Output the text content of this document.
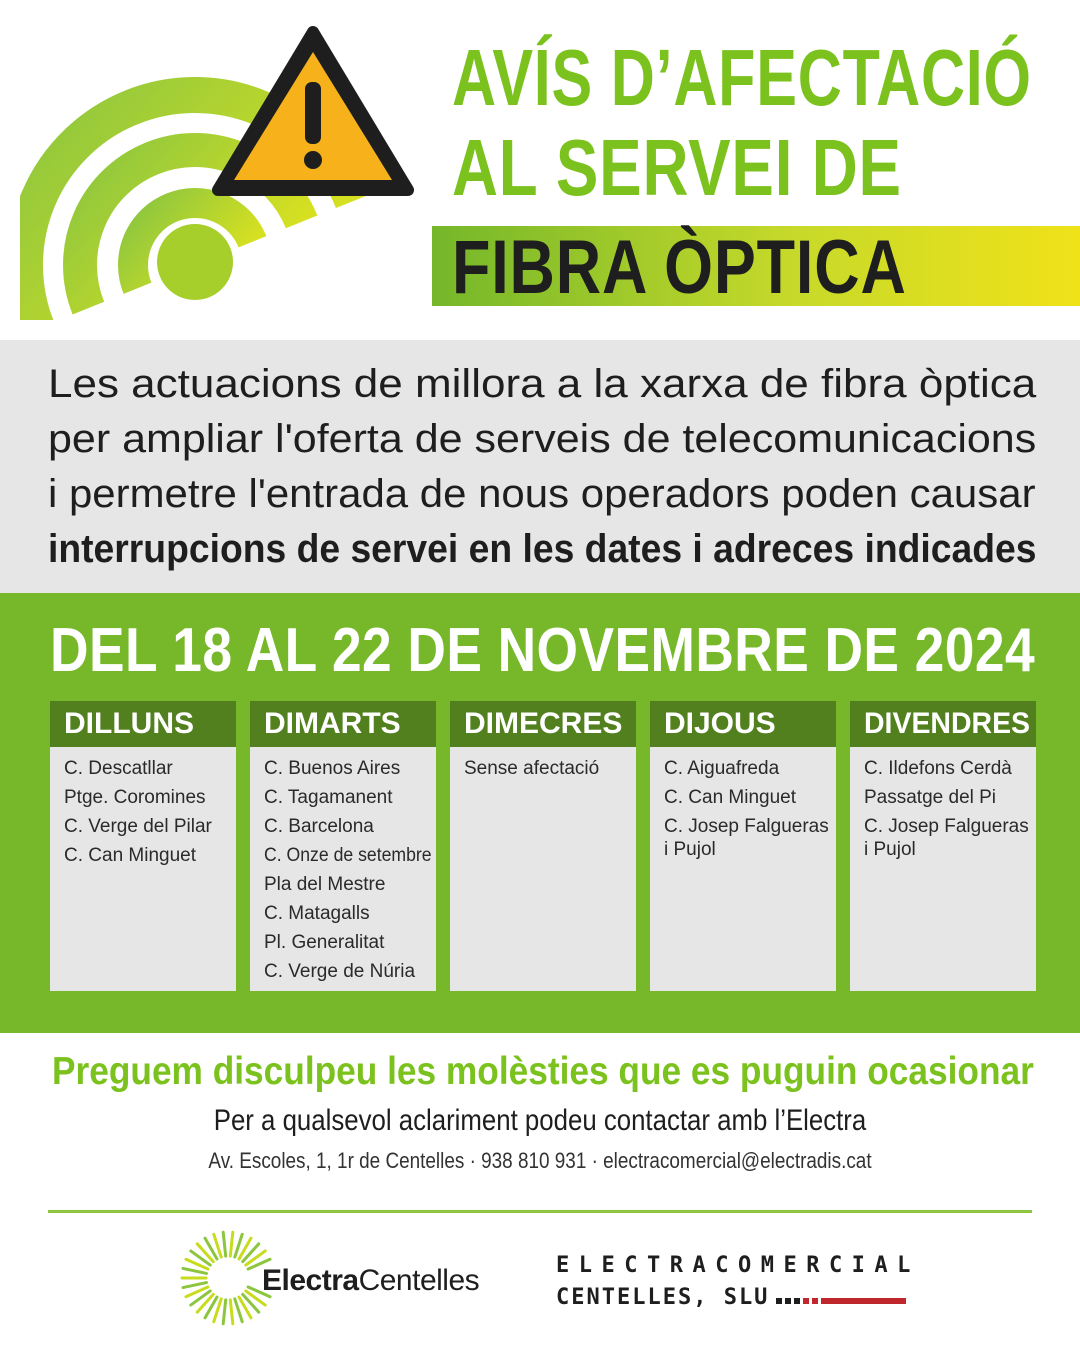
AVÍS D’AFECTACIÓ
AL SERVEI DE
FIBRA ÒPTICA
Les actuacions de millora a la xarxa de fibra òptica
per ampliar l'oferta de serveis de telecomunicacions
i permetre l'entrada de nous operadors poden causar
interrupcions de servei en les dates i adreces indicades
DEL 18 AL 22 DE NOVEMBRE DE 2024
DILLUNS
C. Descatllar
Ptge. Coromines
C. Verge del Pilar
C. Can Minguet
DIMARTS
C. Buenos Aires
C. Tagamanent
C. Barcelona
C. Onze de setembre
Pla del Mestre
C. Matagalls
Pl. Generalitat
C. Verge de Núria
DIMECRES
Sense afectació
DIJOUS
C. Aiguafreda
C. Can Minguet
C. Josep Falgueras
i Pujol
DIVENDRES
C. Ildefons Cerdà
Passatge del Pi
C. Josep Falgueras
i Pujol
Preguem disculpeu les molèsties que es puguin ocasionar
Per a qualsevol aclariment podeu contactar amb l’Electra
Av. Escoles, 1, 1r de Centelles · 938 810 931 · electracomercial@electradis.cat
ElectraCentelles	ELECTRACOMERCIAL
CENTELLES, SLU
